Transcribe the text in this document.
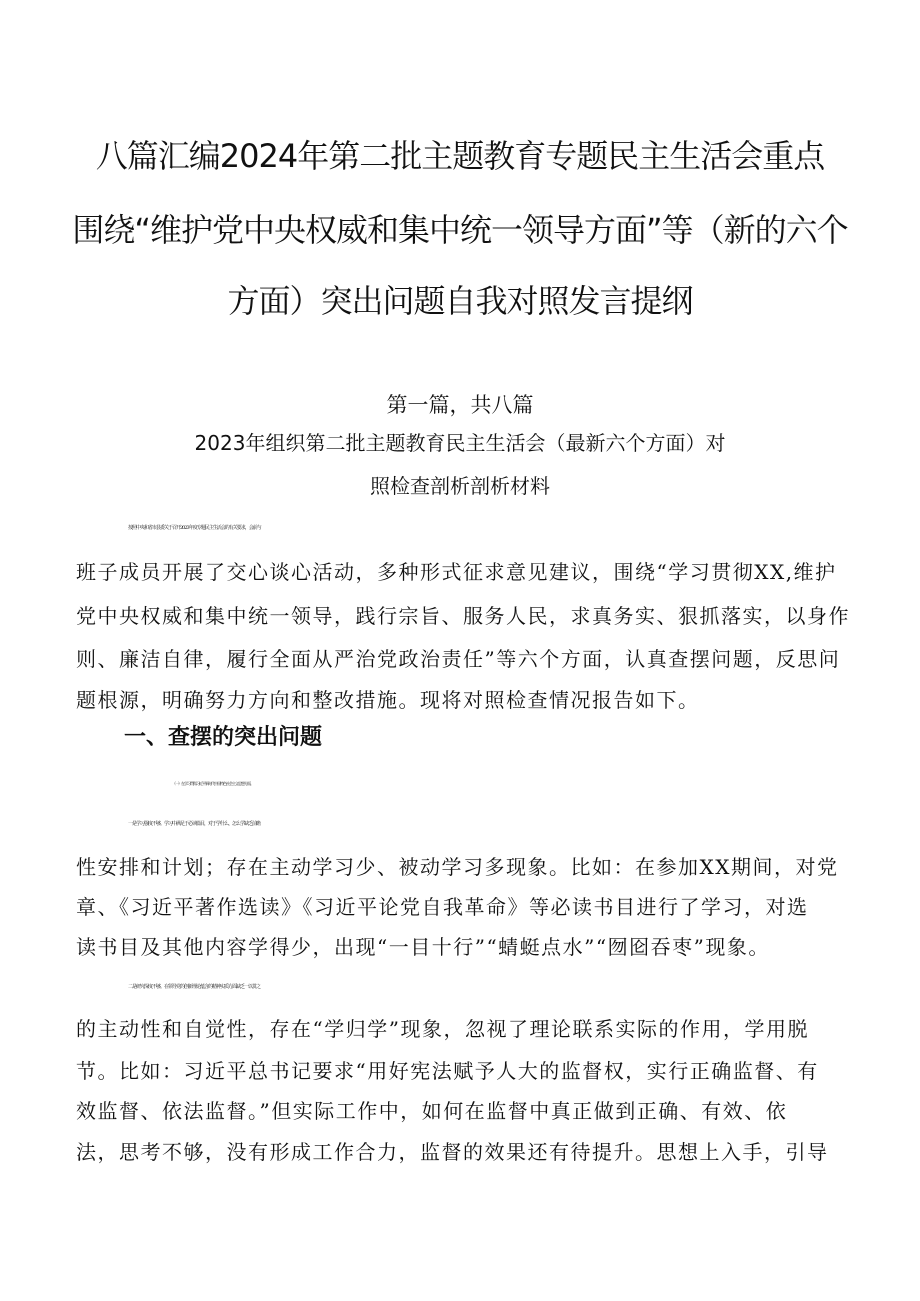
八篇汇编2024年第二批主题教育专题民主生活会重点
围绕“维护党中央权威和集中统一领导方面”等（新的六个
方面）突出问题自我对照发言提纲

第一篇，共八篇

2023年组织第二批主题教育民主生活会（最新六个方面）对

照检查剖析剖析材料

按照中央和省市县委关于召开2023年度专题民主生活会的有关要求，会前与

班子成员开展了交心谈心活动，多种形式征求意见建议，围绕“学习贯彻XX,维护

党中央权威和集中统一领导，践行宗旨、服务人民，求真务实、狠抓落实，以身作

则、廉洁自律，履行全面从严治党政治责任”等六个方面，认真查摆问题，反思问

题根源，明确努力方向和整改措施。现将对照检查情况报告如下。

一、查摆的突出问题

（一）在学习贯彻习近平新时代中国特色社会主义思想方面。

一是学习强度不够。学习中满足于必读篇目，对于学什么、怎么学缺乏前瞻

性安排和计划；存在主动学习少、被动学习多现象。比如：在参加XX期间，对党

章、《习近平著作选读》《习近平论党自我革命》等必读书目进行了学习，对选

读书目及其他内容学得少，出现“一目十行”“蜻蜓点水”“囫囵吞枣”现象。

二是研究深度不够。在领导党的创新理论蕴含的精神实质方面缺乏一以贯之

的主动性和自觉性，存在“学归学”现象，忽视了理论联系实际的作用，学用脱

节。比如：习近平总书记要求“用好宪法赋予人大的监督权，实行正确监督、有

效监督、依法监督。”但实际工作中，如何在监督中真正做到正确、有效、依

法，思考不够，没有形成工作合力，监督的效果还有待提升。思想上入手，引导
